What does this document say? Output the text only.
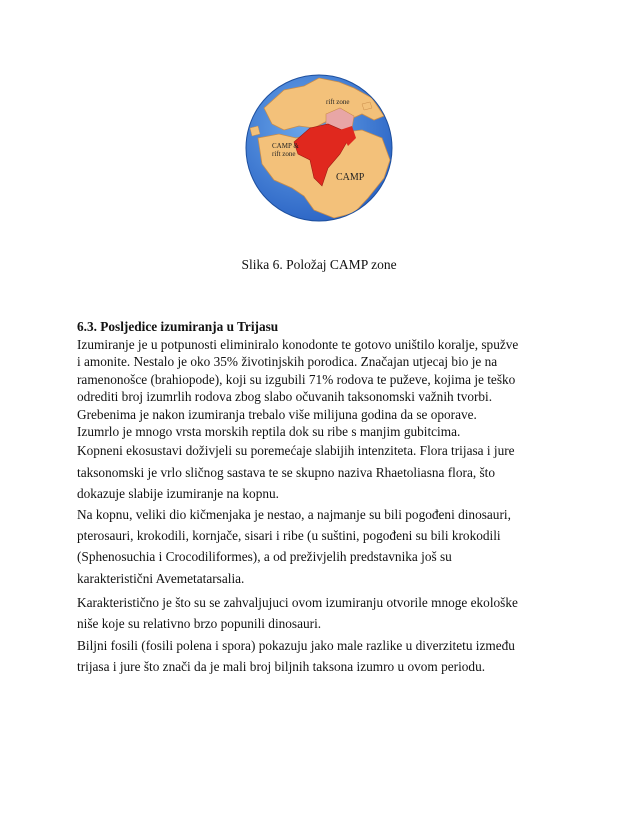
rift zone
CAMP &
rift zone
CAMP
Slika 6. Položaj CAMP zone
6.3. Posljedice izumiranja u Trijasu
Izumiranje je u potpunosti eliminiralo konodonte te gotovo uništilo koralje, spužve
i amonite. Nestalo je oko 35% životinjskih porodica. Značajan utjecaj bio je na
ramenonošce (brahiopode), koji su izgubili 71% rodova te puževe, kojima je teško
odrediti broj izumrlih rodova zbog slabo očuvanih taksonomski važnih tvorbi.
Grebenima je nakon izumiranja trebalo više milijuna godina da se oporave.
Izumrlo je mnogo vrsta morskih reptila dok su ribe s manjim gubitcima.
Kopneni ekosustavi doživjeli su poremećaje slabijih intenziteta. Flora trijasa i jure
taksonomski je vrlo sličnog sastava te se skupno naziva Rhaetoliasna flora, što
dokazuje slabije izumiranje na kopnu.
Na kopnu, veliki dio kičmenjaka je nestao, a najmanje su bili pogođeni dinosauri,
pterosauri, krokodili, kornjače, sisari i ribe (u suštini, pogođeni su bili krokodili
(Sphenosuchia i Crocodiliformes), a od preživjelih predstavnika još su
karakteristični Avemetatarsalia.
Karakteristično je što su se zahvaljujuci ovom izumiranju otvorile mnoge ekološke
niše koje su relativno brzo popunili dinosauri.
Biljni fosili (fosili polena i spora) pokazuju jako male razlike u diverzitetu između
trijasa i jure što znači da je mali broj biljnih taksona izumro u ovom periodu.
